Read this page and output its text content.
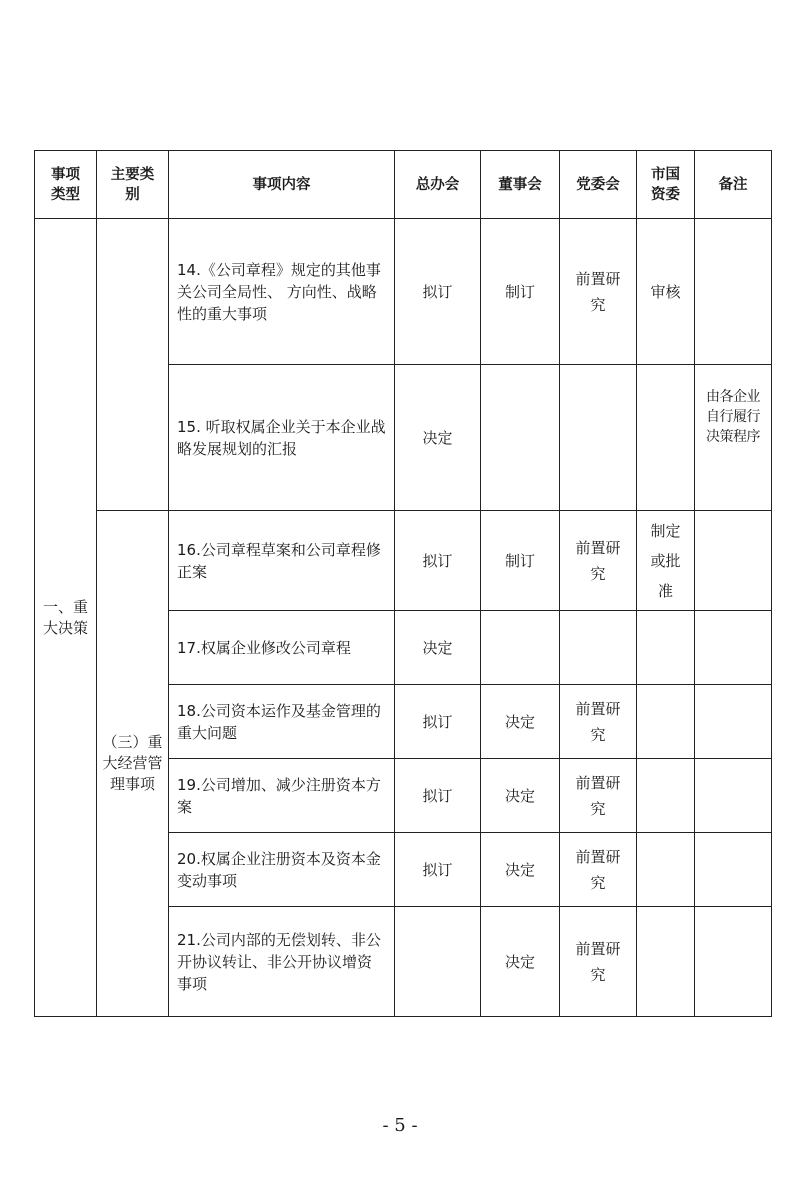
事项类型	主要类别	事项内容	总办会	董事会	党委会	市国资委	备注
一、重大决策		14.《公司章程》规定的其他事关公司全局性、 方向性、战略性的重大事项	拟订	制订	前置研究	审核	
		15. 听取权属企业关于本企业战略发展规划的汇报	决定				由各企业自行履行决策程序
	（三）重大经营管理事项	16.公司章程草案和公司章程修正案	拟订	制订	前置研究	制定或批准	
		17.权属企业修改公司章程	决定				
		18.公司资本运作及基金管理的重大问题	拟订	决定	前置研究		
		19.公司增加、减少注册资本方案	拟订	决定	前置研究		
		20.权属企业注册资本及资本金变动事项	拟订	决定	前置研究		
		21.公司内部的无偿划转、非公开协议转让、非公开协议增资事项		决定	前置研究		
- 5 -
